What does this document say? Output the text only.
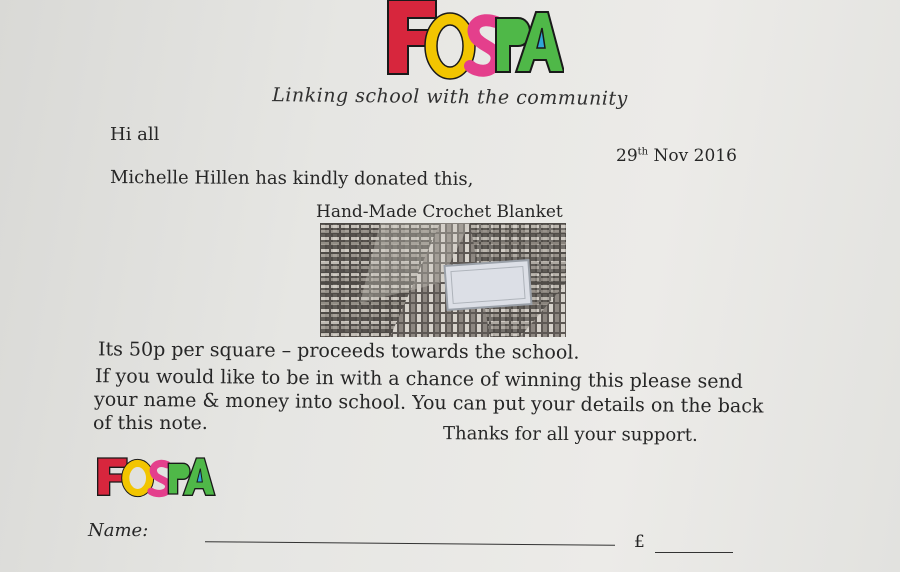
Linking school with the community
Hi all
29th Nov 2016
Michelle Hillen has kindly donated this,
Hand-Made Crochet Blanket
Its 50p per square – proceeds towards the school.
If you would like to be in with a chance of winning this please send
your name & money into school. You can put your details on the back
of this note.
Thanks for all your support.
Name:
£
